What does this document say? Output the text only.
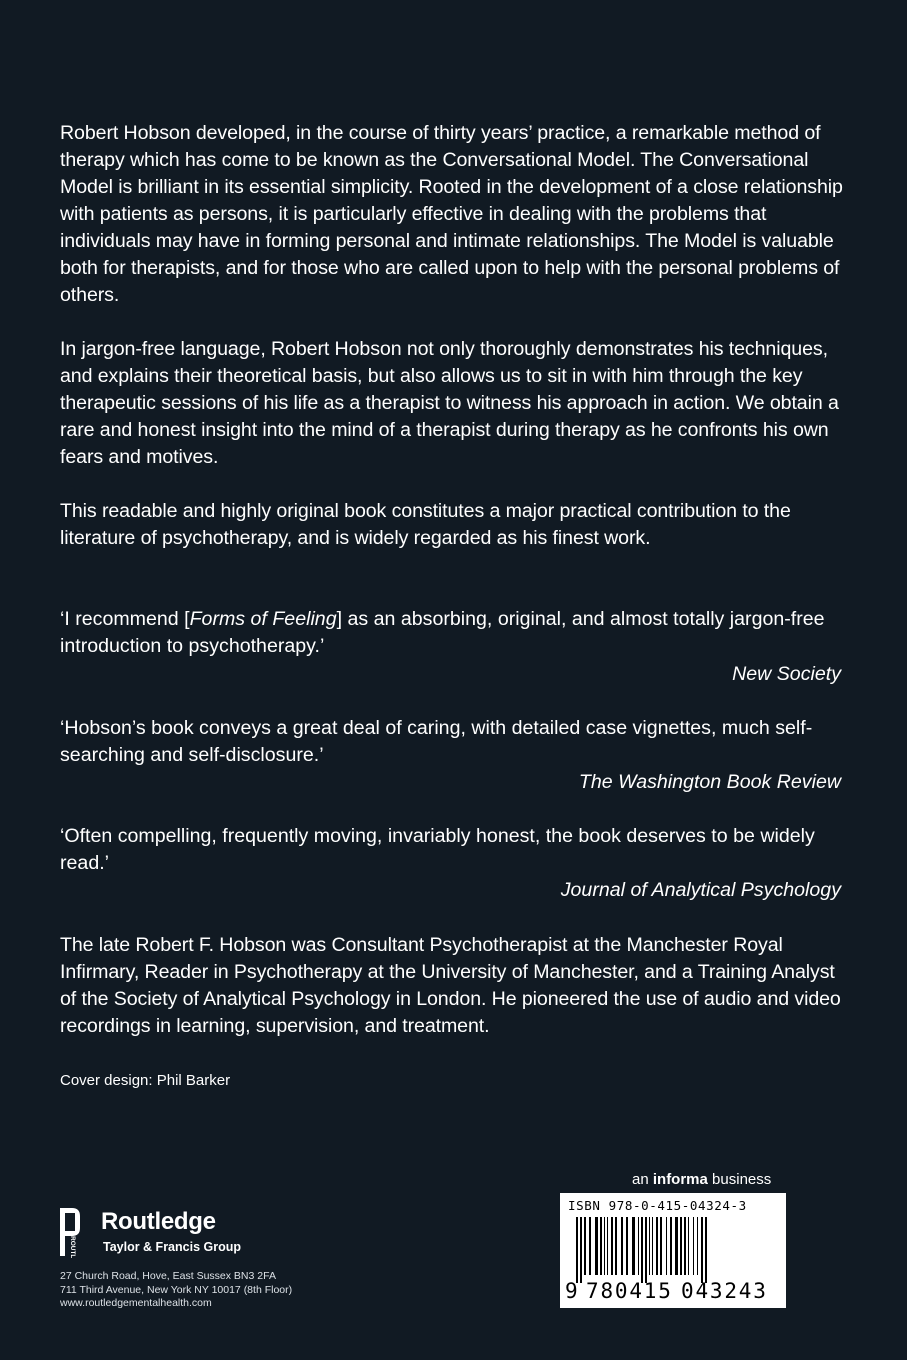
Robert Hobson developed, in the course of thirty years’ practice, a remarkable method of therapy which has come to be known as the Conversational Model. The Conversational Model is brilliant in its essential simplicity. Rooted in the development of a close relationship with patients as persons, it is particularly effective in dealing with the problems that individuals may have in forming personal and intimate relationships. The Model is valuable both for therapists, and for those who are called upon to help with the personal problems of others.

In jargon-free language, Robert Hobson not only thoroughly demonstrates his techniques, and explains their theoretical basis, but also allows us to sit in with him through the key therapeutic sessions of his life as a therapist to witness his approach in action. We obtain a rare and honest insight into the mind of a therapist during therapy as he confronts his own fears and motives.

This readable and highly original book constitutes a major practical contribution to the literature of psychotherapy, and is widely regarded as his finest work.

‘I recommend [Forms of Feeling] as an absorbing, original, and almost totally jargon-free introduction to psychotherapy.’

New Society

‘Hobson’s book conveys a great deal of caring, with detailed case vignettes, much self-searching and self-disclosure.’

The Washington Book Review

‘Often compelling, frequently moving, invariably honest, the book deserves to be widely read.’

Journal of Analytical Psychology

The late Robert F. Hobson was Consultant Psychotherapist at the Manchester Royal Infirmary, Reader in Psychotherapy at the University of Manchester, and a Training Analyst of the Society of Analytical Psychology in London. He pioneered the use of audio and video recordings in learning, supervision, and treatment.

Cover design: Phil Barker
an informa business
ROUTLEDGE
Routledge
Taylor & Francis Group
27 Church Road, Hove, East Sussex BN3 2FA
711 Third Avenue, New York NY 10017 (8th Floor)
www.routledgementalhealth.com
ISBN 978-0-415-04324-3
9 780415 043243
